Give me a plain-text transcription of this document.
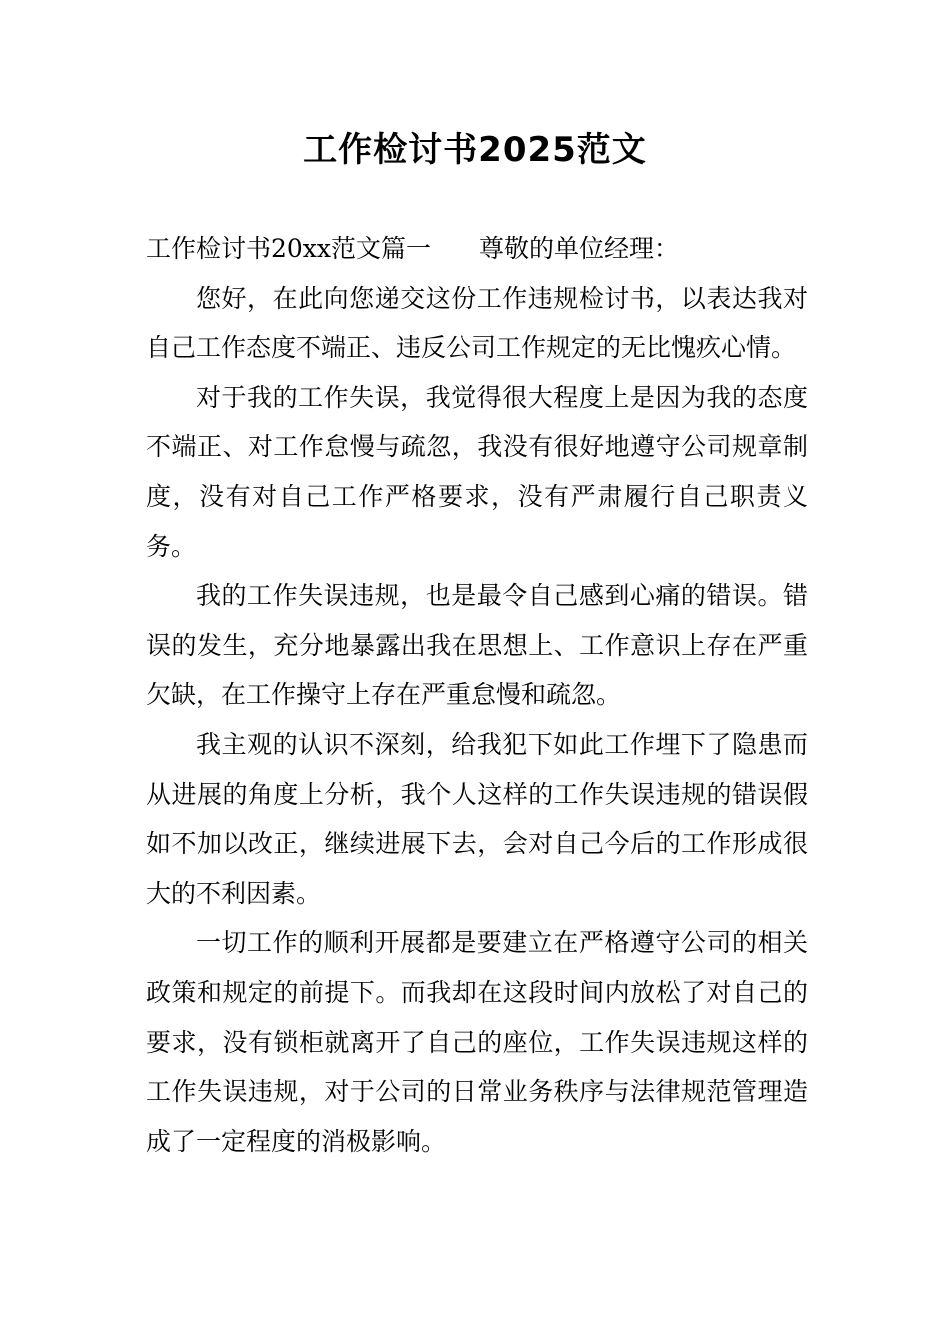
工作检讨书2025范文

工作检讨书20xx范文篇一 尊敬的单位经理：

您好，在此向您递交这份工作违规检讨书，以表达我对自己工作态度不端正、违反公司工作规定的无比愧疚心情。

对于我的工作失误，我觉得很大程度上是因为我的态度不端正、对工作怠慢与疏忽，我没有很好地遵守公司规章制度，没有对自己工作严格要求，没有严肃履行自己职责义务。

我的工作失误违规，也是最令自己感到心痛的错误。错误的发生，充分地暴露出我在思想上、工作意识上存在严重欠缺，在工作操守上存在严重怠慢和疏忽。

我主观的认识不深刻，给我犯下如此工作埋下了隐患而从进展的角度上分析，我个人这样的工作失误违规的错误假如不加以改正，继续进展下去，会对自己今后的工作形成很大的不利因素。

一切工作的顺利开展都是要建立在严格遵守公司的相关政策和规定的前提下。而我却在这段时间内放松了对自己的要求，没有锁柜就离开了自己的座位，工作失误违规这样的工作失误违规，对于公司的日常业务秩序与法律规范管理造成了一定程度的消极影响。
